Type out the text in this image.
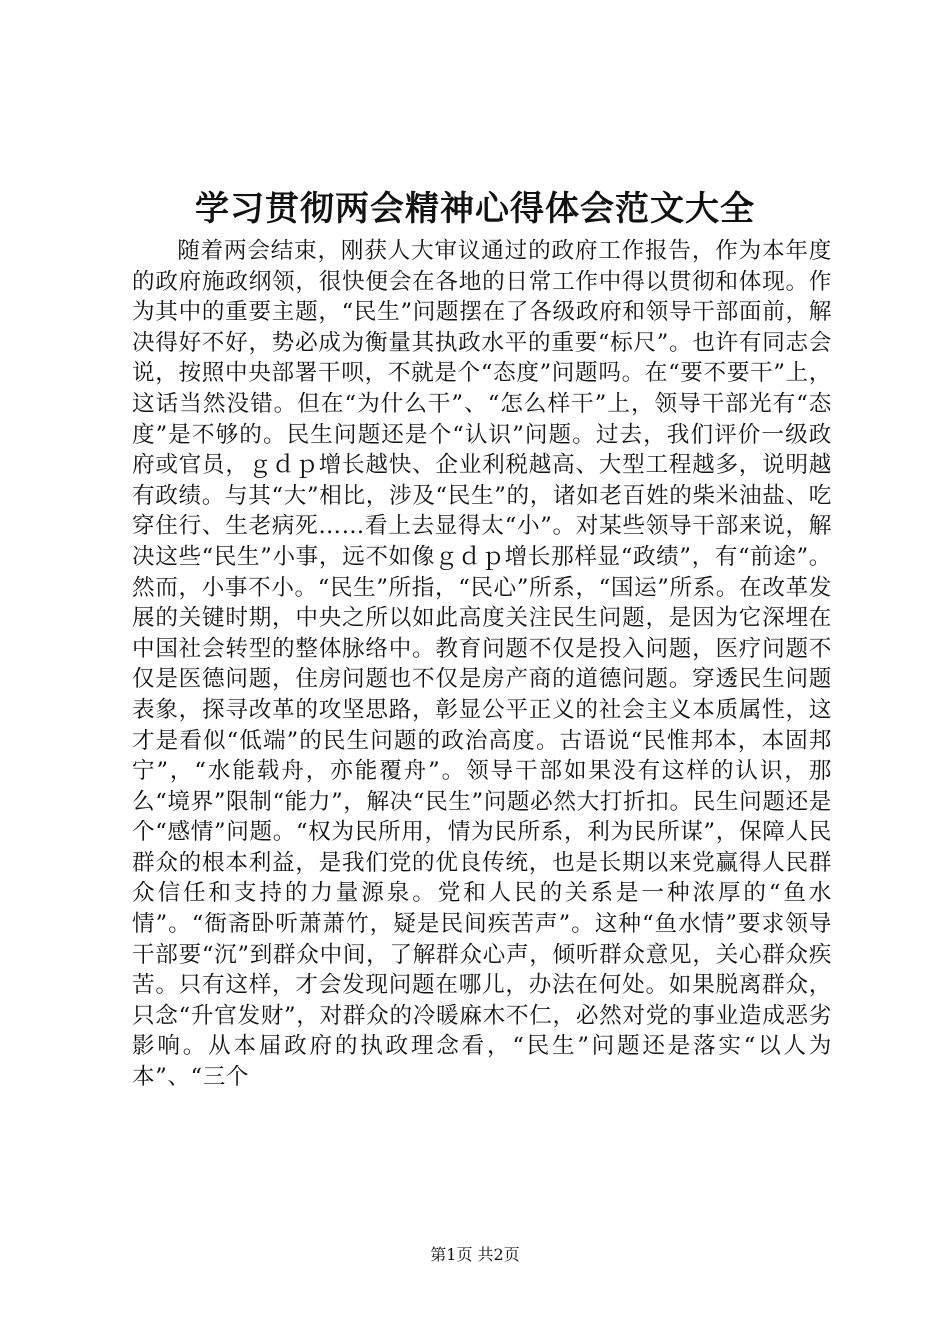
学习贯彻两会精神心得体会范文大全

随着两会结束，刚获人大审议通过的政府工作报告，作为本年度的政府施政纲领，很快便会在各地的日常工作中得以贯彻和体现。作为其中的重要主题，“民生”问题摆在了各级政府和领导干部面前，解决得好不好，势必成为衡量其执政水平的重要“标尺”。也许有同志会说，按照中央部署干呗，不就是个“态度”问题吗。在“要不要干”上，这话当然没错。但在“为什么干”、“怎么样干”上，领导干部光有“态度”是不够的。民生问题还是个“认识”问题。过去，我们评价一级政府或官员，ｇｄｐ增长越快、企业利税越高、大型工程越多，说明越有政绩。与其“大”相比，涉及“民生”的，诸如老百姓的柴米油盐、吃穿住行、生老病死……看上去显得太“小”。对某些领导干部来说，解决这些“民生”小事，远不如像ｇｄｐ增长那样显“政绩”，有“前途”。然而，小事不小。“民生”所指，“民心”所系，“国运”所系。在改革发展的关键时期，中央之所以如此高度关注民生问题，是因为它深埋在中国社会转型的整体脉络中。教育问题不仅是投入问题，医疗问题不仅是医德问题，住房问题也不仅是房产商的道德问题。穿透民生问题表象，探寻改革的攻坚思路，彰显公平正义的社会主义本质属性，这才是看似“低端”的民生问题的政治高度。古语说“民惟邦本，本固邦宁”，“水能载舟，亦能覆舟”。领导干部如果没有这样的认识，那么“境界”限制“能力”，解决“民生”问题必然大打折扣。民生问题还是个“感情”问题。“权为民所用，情为民所系，利为民所谋”，保障人民群众的根本利益，是我们党的优良传统，也是长期以来党赢得人民群众信任和支持的力量源泉。党和人民的关系是一种浓厚的“鱼水情”。“衙斋卧听萧萧竹，疑是民间疾苦声”。这种“鱼水情”要求领导干部要“沉”到群众中间，了解群众心声，倾听群众意见，关心群众疾苦。只有这样，才会发现问题在哪儿，办法在何处。如果脱离群众，只念“升官发财”，对群众的冷暖麻木不仁，必然对党的事业造成恶劣影响。从本届政府的执政理念看，“民生”问题还是落实“以人为本”、“三个

第1页 共2页
